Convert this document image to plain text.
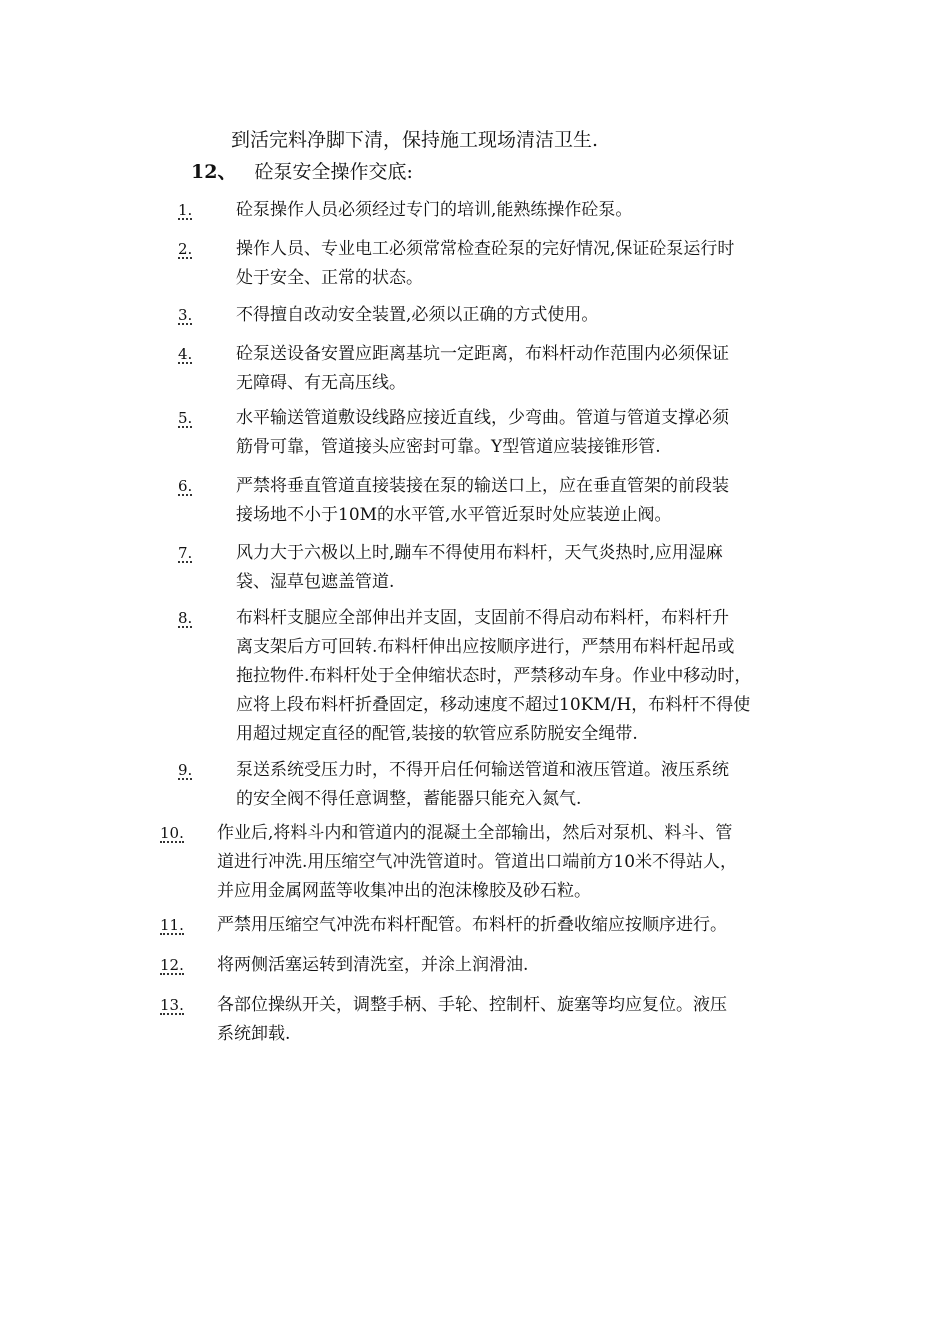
到活完料净脚下清，保持施工现场清洁卫生.
12、 砼泵安全操作交底:
1.	砼泵操作人员必须经过专门的培训,能熟练操作砼泵。
2.	操作人员、专业电工必须常常检查砼泵的完好情况,保证砼泵运行时
处于安全、正常的状态。
3.	不得擅自改动安全装置,必须以正确的方式使用。
4.	砼泵送设备安置应距离基坑一定距离，布料杆动作范围内必须保证
无障碍、有无高压线。
5.	水平输送管道敷设线路应接近直线，少弯曲。管道与管道支撑必须
筋骨可靠，管道接头应密封可靠。Y型管道应装接锥形管.
6.	严禁将垂直管道直接装接在泵的输送口上，应在垂直管架的前段装
接场地不小于10M的水平管,水平管近泵时处应装逆止阀。
7.	风力大于六极以上时,蹦车不得使用布料杆，天气炎热时,应用湿麻
袋、湿草包遮盖管道.
8.	布料杆支腿应全部伸出并支固，支固前不得启动布料杆，布料杆升
离支架后方可回转.布料杆伸出应按顺序进行，严禁用布料杆起吊或
拖拉物件.布料杆处于全伸缩状态时，严禁移动车身。作业中移动时，
应将上段布料杆折叠固定，移动速度不超过10KM/H，布料杆不得使
用超过规定直径的配管,装接的软管应系防脱安全绳带.
9.	泵送系统受压力时，不得开启任何输送管道和液压管道。液压系统
的安全阀不得任意调整，蓄能器只能充入氮气.
10. 作业后,将料斗内和管道内的混凝土全部输出，然后对泵机、料斗、管
道进行冲洗.用压缩空气冲洗管道时。管道出口端前方10米不得站人，
并应用金属网蓝等收集冲出的泡沫橡胶及砂石粒。
11. 严禁用压缩空气冲洗布料杆配管。布料杆的折叠收缩应按顺序进行。
12. 将两侧活塞运转到清洗室，并涂上润滑油.
13. 各部位操纵开关，调整手柄、手轮、控制杆、旋塞等均应复位。液压
系统卸载.
